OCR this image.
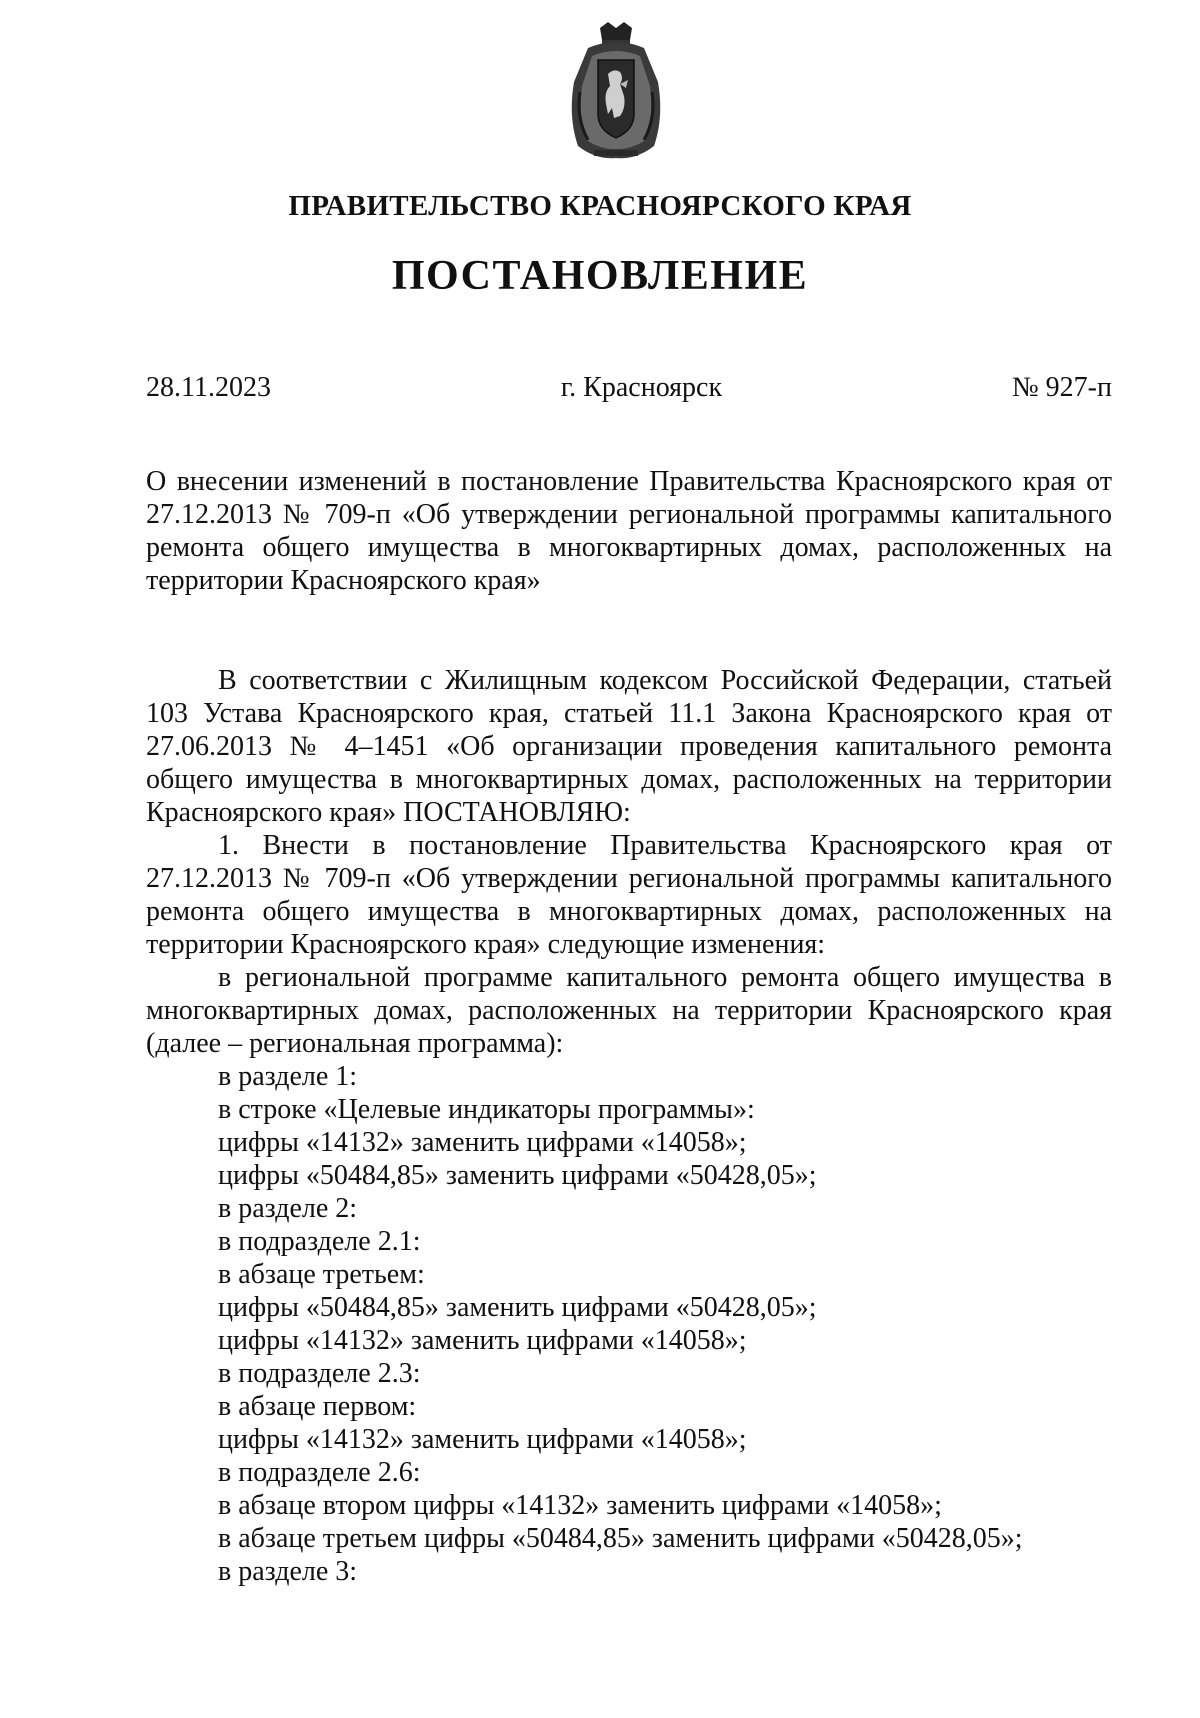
ПРАВИТЕЛЬСТВО КРАСНОЯРСКОГО КРАЯ
ПОСТАНОВЛЕНИЕ
28.11.2023	г. Красноярск	№ 927-п
О внесении изменений в постановление Правительства Красноярского края от 27.12.2013 № 709-п «Об утверждении региональной программы капитального ремонта общего имущества в многоквартирных домах, расположенных на территории Красноярского края»

В соответствии с Жилищным кодексом Российской Федерации, статьей 103 Устава Красноярского края, статьей 11.1 Закона Красноярского края от 27.06.2013 № 4–1451 «Об организации проведения капитального ремонта общего имущества в многоквартирных домах, расположенных на территории Красноярского края» ПОСТАНОВЛЯЮ:

1. Внести в постановление Правительства Красноярского края от 27.12.2013 № 709-п «Об утверждении региональной программы капитального ремонта общего имущества в многоквартирных домах, расположенных на территории Красноярского края» следующие изменения:

в региональной программе капитального ремонта общего имущества в многоквартирных домах, расположенных на территории Красноярского края (далее – региональная программа):

в разделе 1:
в строке «Целевые индикаторы программы»:
цифры «14132» заменить цифрами «14058»;
цифры «50484,85» заменить цифрами «50428,05»;
в разделе 2:
в подразделе 2.1:
в абзаце третьем:
цифры «50484,85» заменить цифрами «50428,05»;
цифры «14132» заменить цифрами «14058»;
в подразделе 2.3:
в абзаце первом:
цифры «14132» заменить цифрами «14058»;
в подразделе 2.6:
в абзаце втором цифры «14132» заменить цифрами «14058»;
в абзаце третьем цифры «50484,85» заменить цифрами «50428,05»;
в разделе 3:
